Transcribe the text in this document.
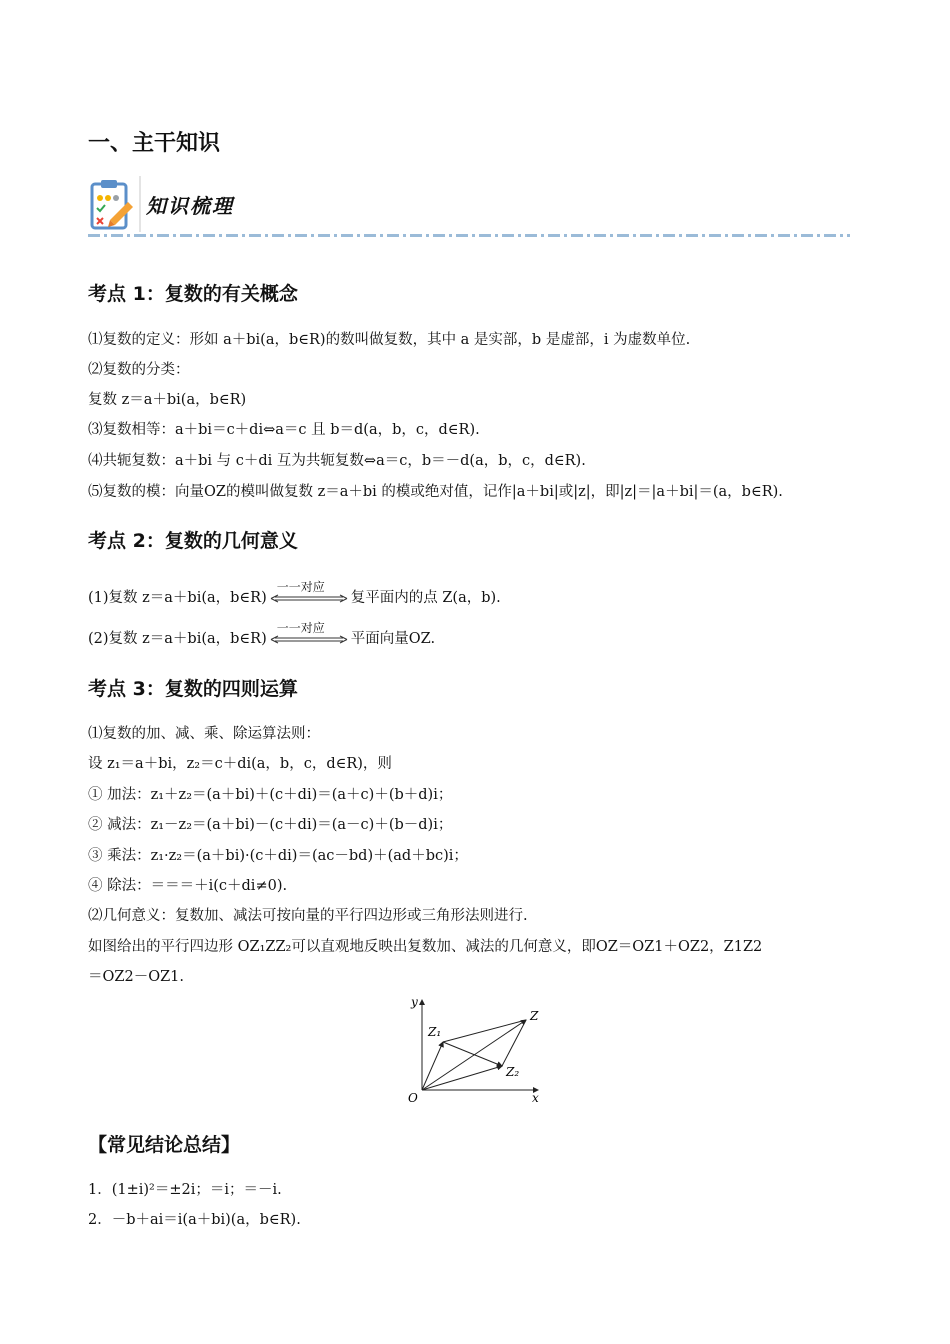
一、主干知识
知识梳理
考点 1：复数的有关概念
⑴复数的定义：形如 a＋bi(a，b∈R)的数叫做复数，其中 a 是实部，b 是虚部，i 为虚数单位.
⑵复数的分类：
复数 z＝a＋bi(a，b∈R)
⑶复数相等：a＋bi＝c＋di⇔a＝c 且 b＝d(a，b，c，d∈R).
⑷共轭复数：a＋bi 与 c＋di 互为共轭复数⇔a＝c，b＝－d(a，b，c，d∈R).
⑸复数的模：向量OZ的模叫做复数 z＝a＋bi 的模或绝对值，记作|a＋bi|或|z|，即|z|＝|a＋bi|＝(a，b∈R).
考点 2：复数的几何意义
(1)复数 z＝a＋bi(a，b∈R)
一一对应
复平面内的点 Z(a，b).
(2)复数 z＝a＋bi(a，b∈R)
一一对应
平面向量OZ.
考点 3：复数的四则运算
⑴复数的加、减、乘、除运算法则：
设 z₁＝a＋bi，z₂＝c＋di(a，b，c，d∈R)，则
① 加法：z₁＋z₂＝(a＋bi)＋(c＋di)＝(a＋c)＋(b＋d)i；
② 减法：z₁－z₂＝(a＋bi)－(c＋di)＝(a－c)＋(b－d)i；
③ 乘法：z₁·z₂＝(a＋bi)·(c＋di)＝(ac－bd)＋(ad＋bc)i；
④ 除法：＝＝＝＋i(c＋di≠0).
⑵几何意义：复数加、减法可按向量的平行四边形或三角形法则进行.
如图给出的平行四边形 OZ₁ZZ₂可以直观地反映出复数加、减法的几何意义，即OZ＝OZ1＋OZ2，Z1Z2
＝OZ2－OZ1.
y
x
O
Z
Z₁
Z₂
【常见结论总结】
1．(1±i)²＝±2i；＝i；＝－i.
2．－b＋ai＝i(a＋bi)(a，b∈R).
